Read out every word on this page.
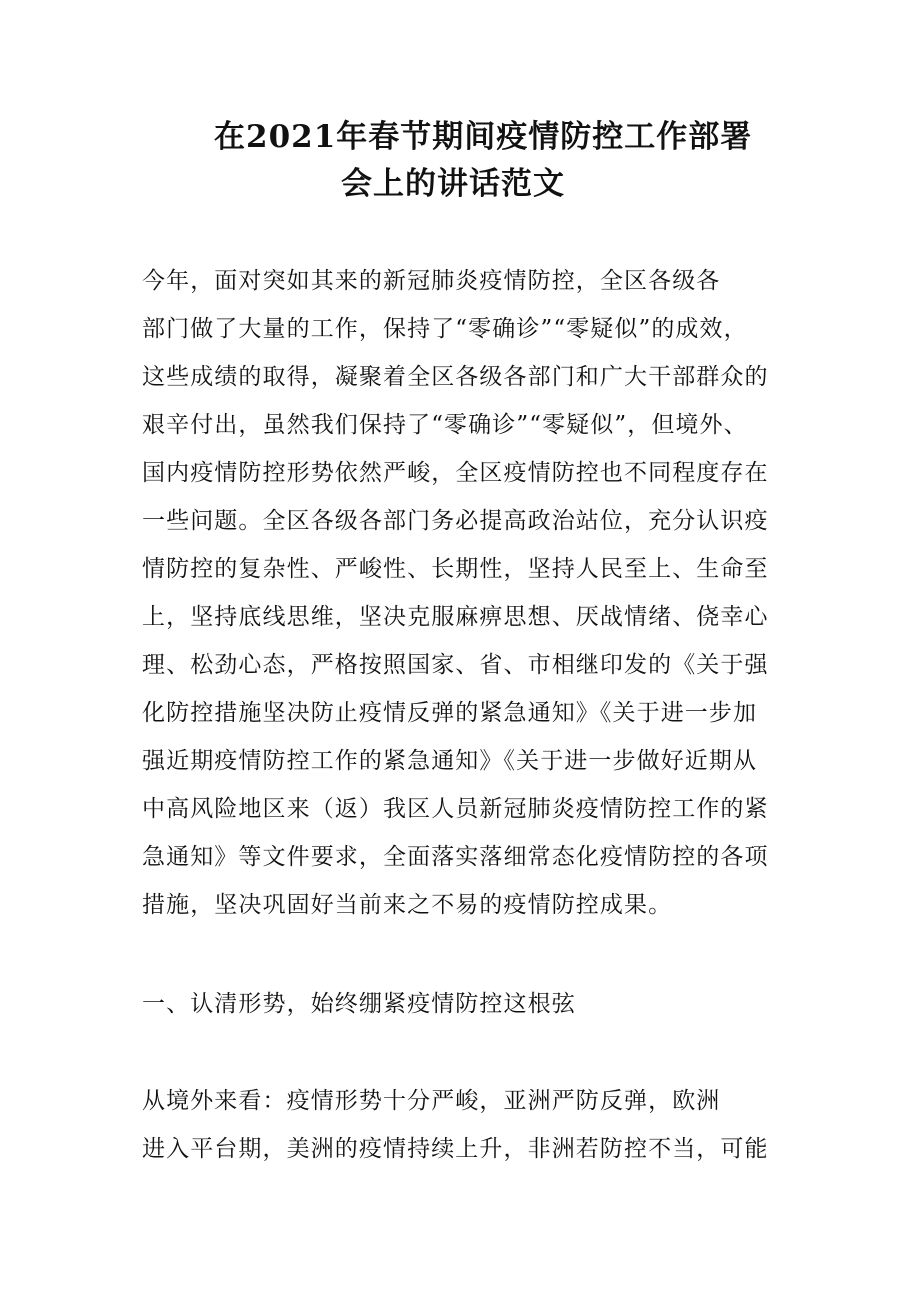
在2021年春节期间疫情防控工作部署
会上的讲话范文
今年，面对突如其来的新冠肺炎疫情防控，全区各级各
部门做了大量的工作，保持了“零确诊”“零疑似”的成效，
这些成绩的取得，凝聚着全区各级各部门和广大干部群众的
艰辛付出，虽然我们保持了“零确诊”“零疑似”，但境外、
国内疫情防控形势依然严峻，全区疫情防控也不同程度存在
一些问题。全区各级各部门务必提高政治站位，充分认识疫
情防控的复杂性、严峻性、长期性，坚持人民至上、生命至
上，坚持底线思维，坚决克服麻痹思想、厌战情绪、侥幸心
理、松劲心态，严格按照国家、省、市相继印发的《关于强
化防控措施坚决防止疫情反弹的紧急通知》《关于进一步加
强近期疫情防控工作的紧急通知》《关于进一步做好近期从
中高风险地区来（返）我区人员新冠肺炎疫情防控工作的紧
急通知》等文件要求，全面落实落细常态化疫情防控的各项
措施，坚决巩固好当前来之不易的疫情防控成果。
一、认清形势，始终绷紧疫情防控这根弦
从境外来看：疫情形势十分严峻，亚洲严防反弹，欧洲
进入平台期，美洲的疫情持续上升，非洲若防控不当，可能
